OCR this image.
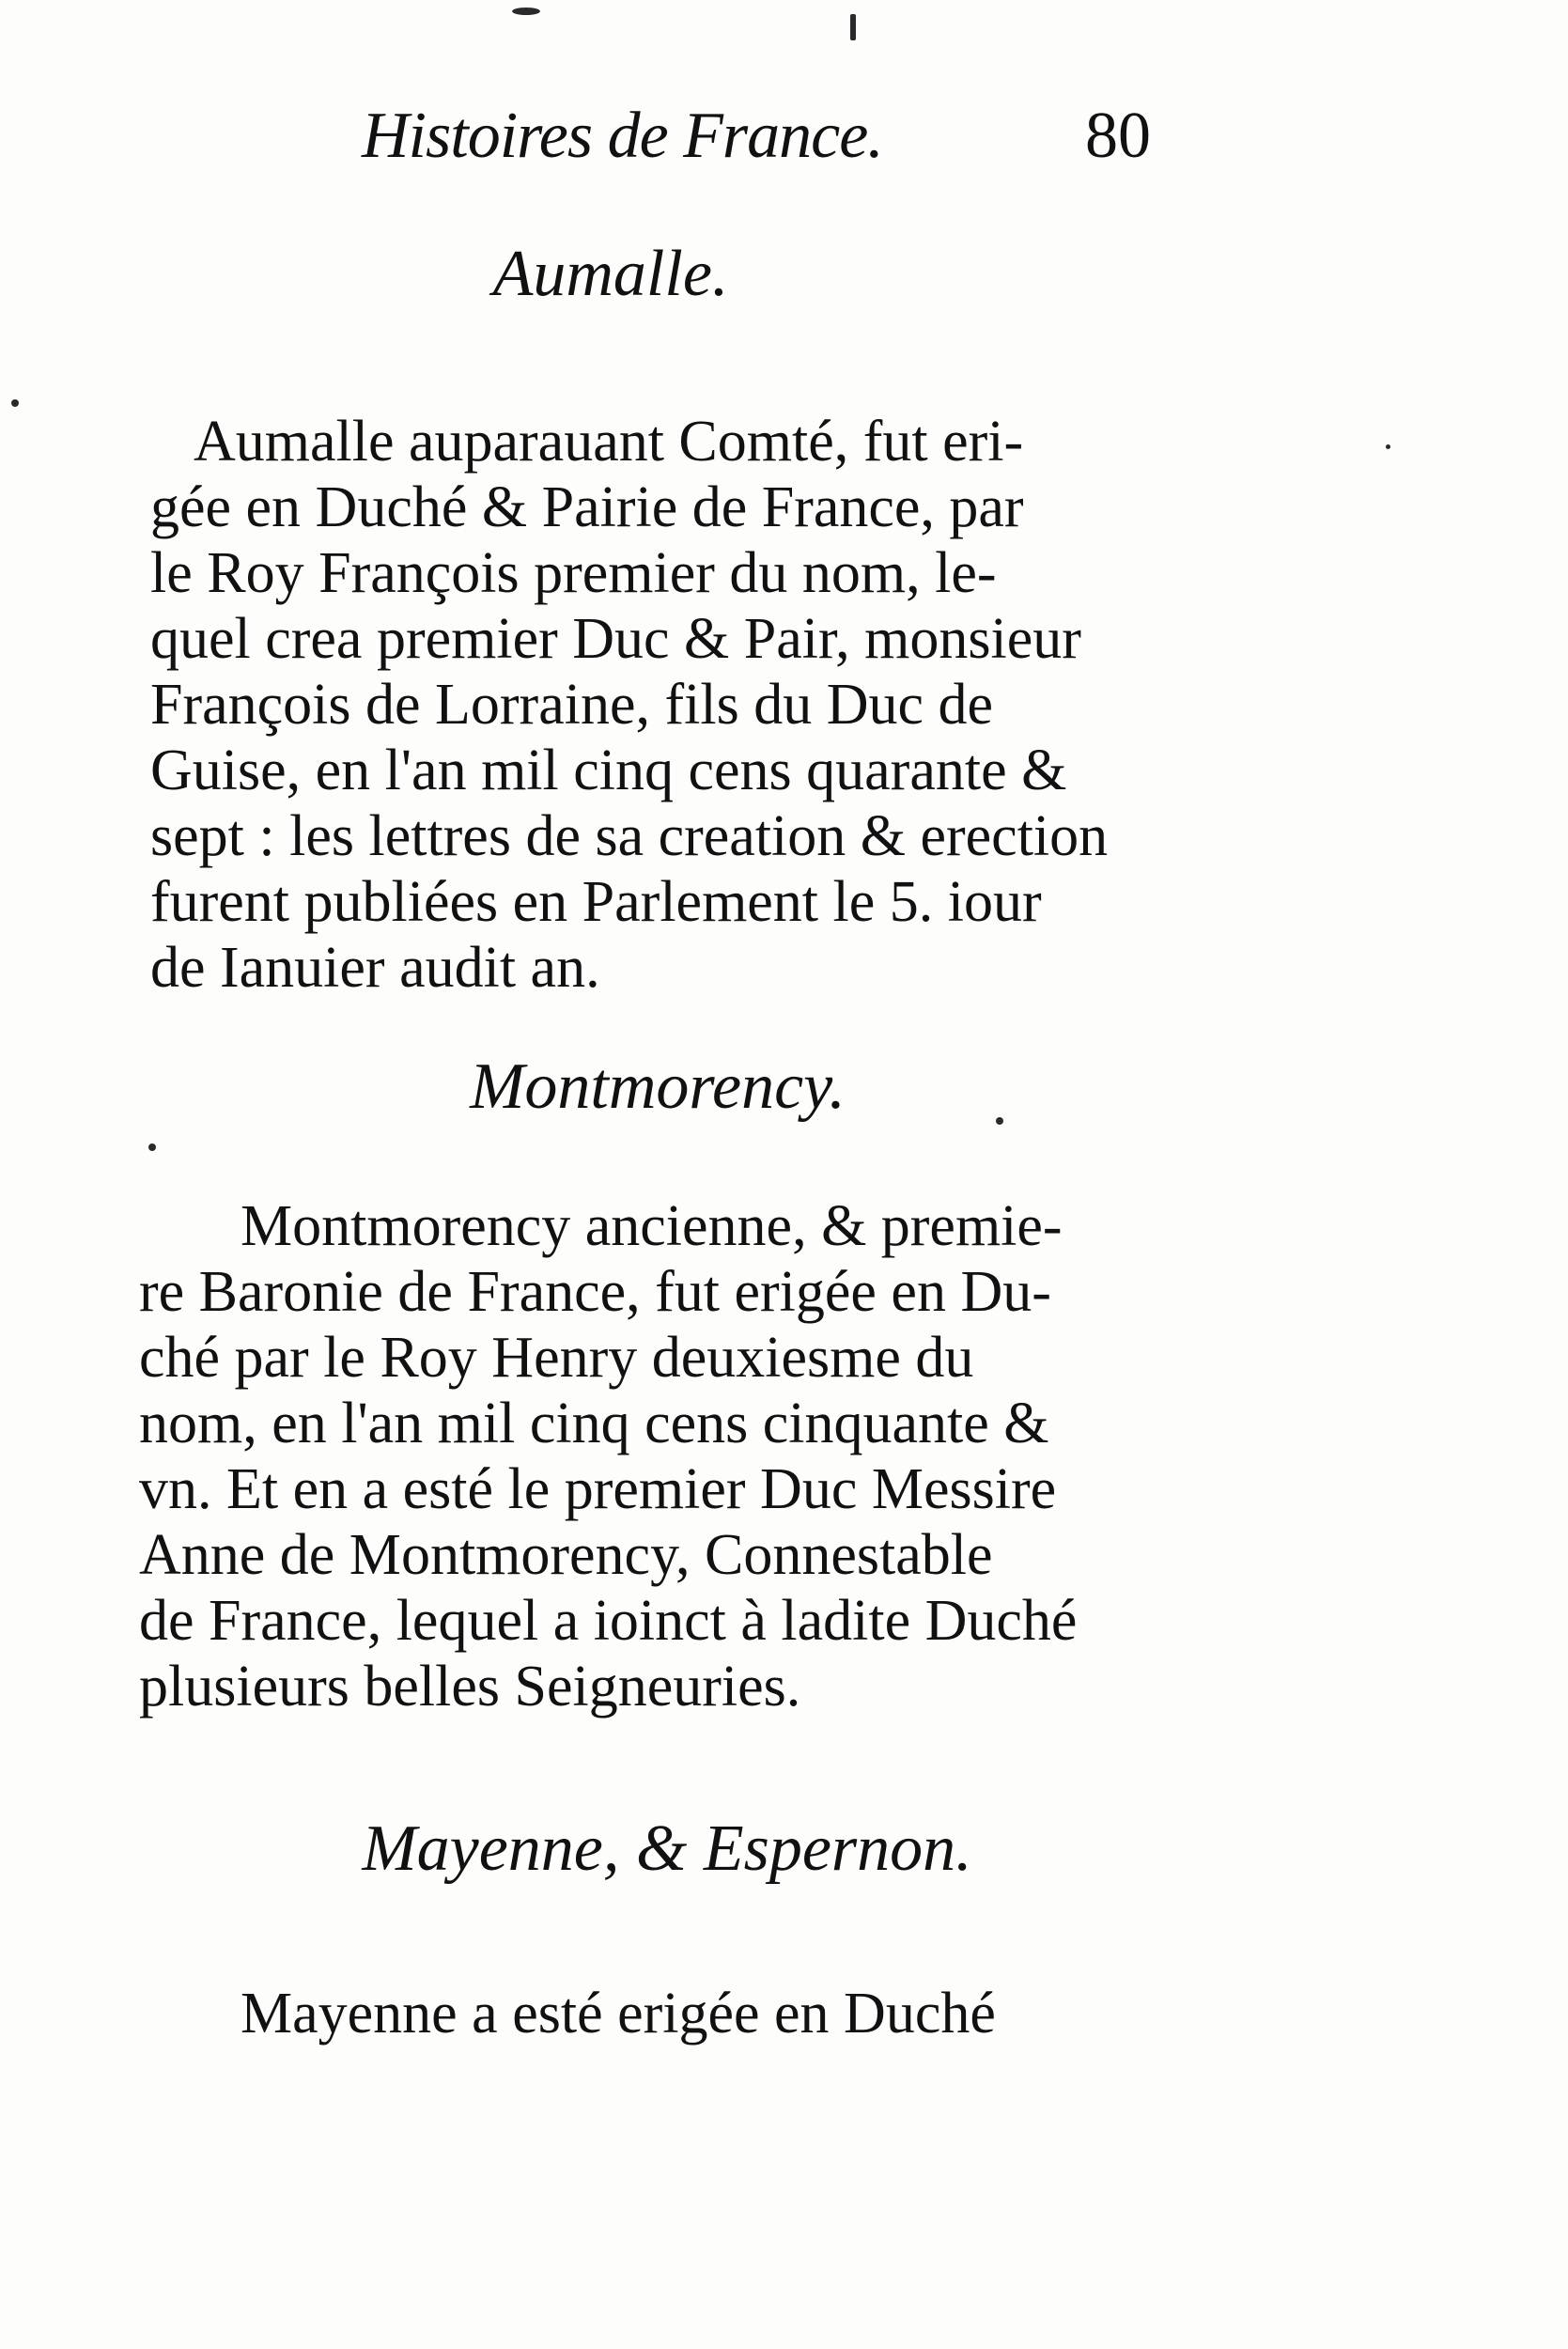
Histoires de France.	80
Aumalle.
Aumalle auparauant Comté, fut eri-
gée en Duché & Pairie de France, par
le Roy François premier du nom, le-
quel crea premier Duc & Pair, monsieur
François de Lorraine, fils du Duc de
Guise, en l'an mil cinq cens quarante &
sept : les lettres de sa creation & erection
furent publiées en Parlement le 5. iour
de Ianuier audit an.
Montmorency.
Montmorency ancienne, & premie-
re Baronie de France, fut erigée en Du-
ché par le Roy Henry deuxiesme du
nom, en l'an mil cinq cens cinquante &
vn. Et en a esté le premier Duc Messire
Anne de Montmorency, Connestable
de France, lequel a ioinct à ladite Duché
plusieurs belles Seigneuries.
Mayenne, & Espernon.
Mayenne a esté erigée en Duché
